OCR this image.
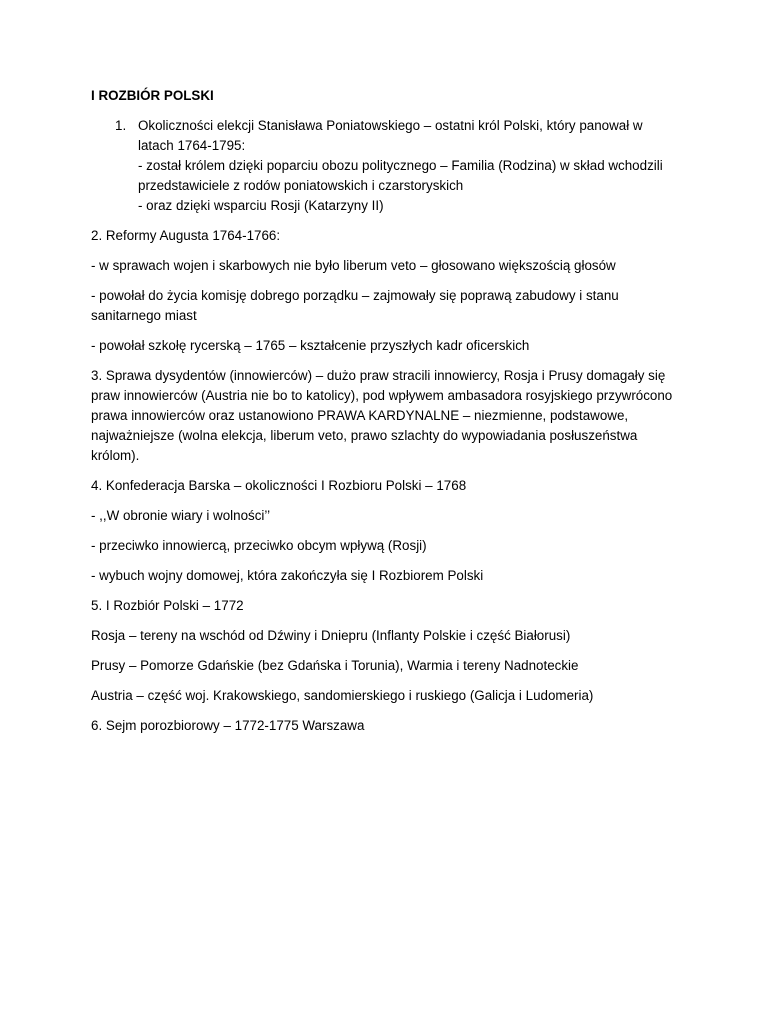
I ROZBIÓR POLSKI
1. Okoliczności elekcji Stanisława Poniatowskiego – ostatni król Polski, który panował w latach 1764-1795:
- został królem dzięki poparciu obozu politycznego – Familia (Rodzina) w skład wchodzili przedstawiciele z rodów poniatowskich i czarstoryskich
- oraz dzięki wsparciu Rosji (Katarzyny II)
2. Reformy Augusta 1764-1766:
- w sprawach wojen i skarbowych nie było liberum veto – głosowano większością głosów
- powołał do życia komisję dobrego porządku – zajmowały się poprawą zabudowy i stanu sanitarnego miast
- powołał szkołę rycerską – 1765 – kształcenie przyszłych kadr oficerskich
3. Sprawa dysydentów (innowierców) – dużo praw stracili innowiercy, Rosja i Prusy domagały się praw innowierców (Austria nie bo to katolicy), pod wpływem ambasadora rosyjskiego przywrócono prawa innowierców oraz ustanowiono PRAWA KARDYNALNE – niezmienne, podstawowe, najważniejsze (wolna elekcja, liberum veto, prawo szlachty do wypowiadania posłuszeństwa królom).
4. Konfederacja Barska – okoliczności I Rozbioru Polski – 1768
- ,,W obronie wiary i wolności’’
- przeciwko innowiercą, przeciwko obcym wpływą (Rosji)
- wybuch wojny domowej, która zakończyła się I Rozbiorem Polski
5. I Rozbiór Polski – 1772
Rosja – tereny na wschód od Dźwiny i Dniepru (Inflanty Polskie i część Białorusi)
Prusy – Pomorze Gdańskie (bez Gdańska i Torunia), Warmia i tereny Nadnoteckie
Austria – część woj. Krakowskiego, sandomierskiego i ruskiego (Galicja i Ludomeria)
6. Sejm porozbiorowy – 1772-1775 Warszawa
